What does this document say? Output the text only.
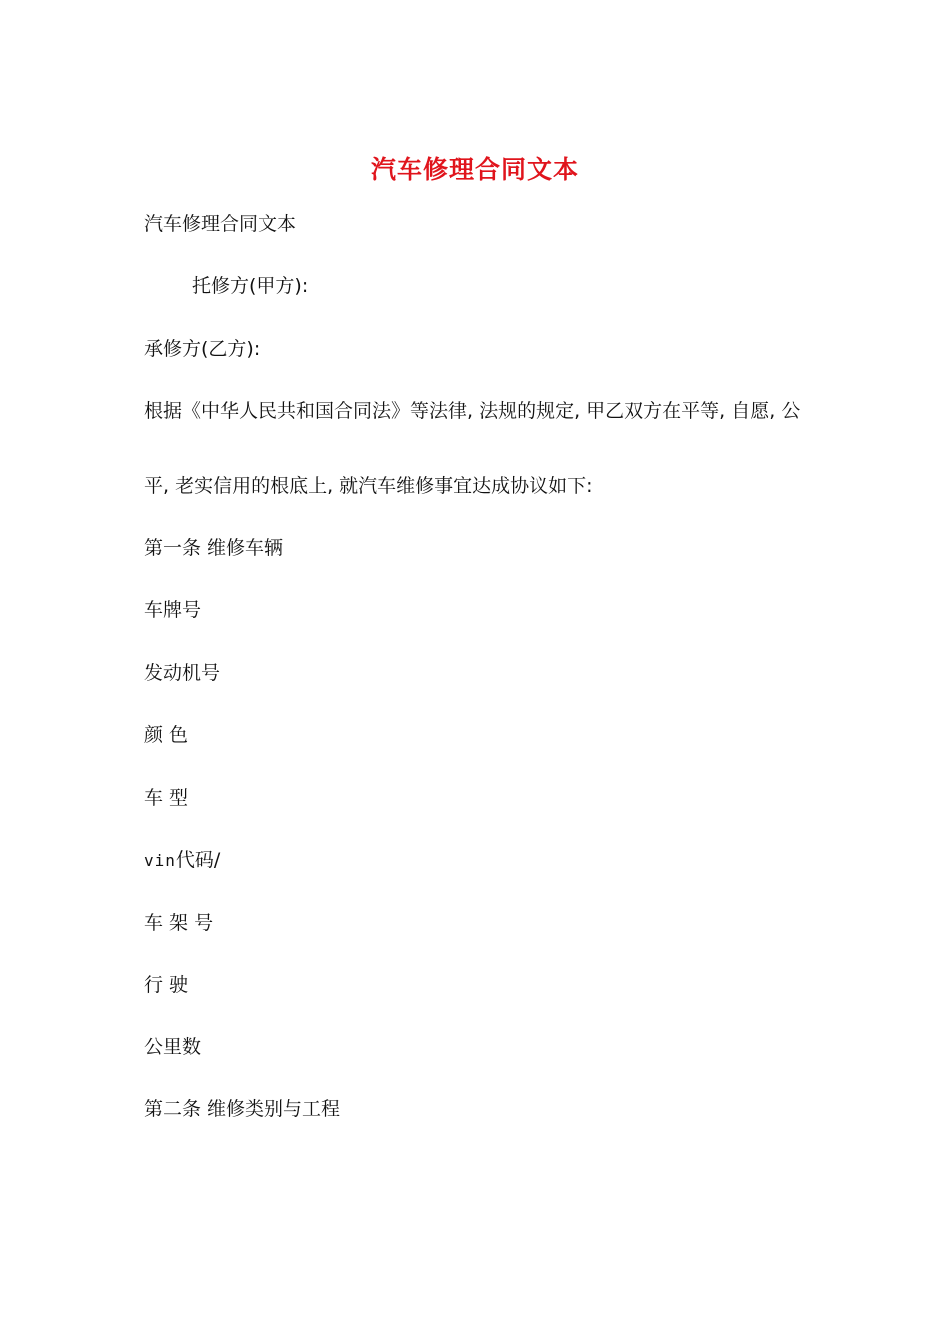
汽车修理合同文本
汽车修理合同文本
托修方(甲方):
承修方(乙方):
根据《中华人民共和国合同法》等法律, 法规的规定, 甲乙双方在平等, 自愿, 公
平, 老实信用的根底上, 就汽车维修事宜达成协议如下:
第一条 维修车辆
车牌号
发动机号
颜 色
车 型
vin代码/
车 架 号
行 驶
公里数
第二条 维修类别与工程
